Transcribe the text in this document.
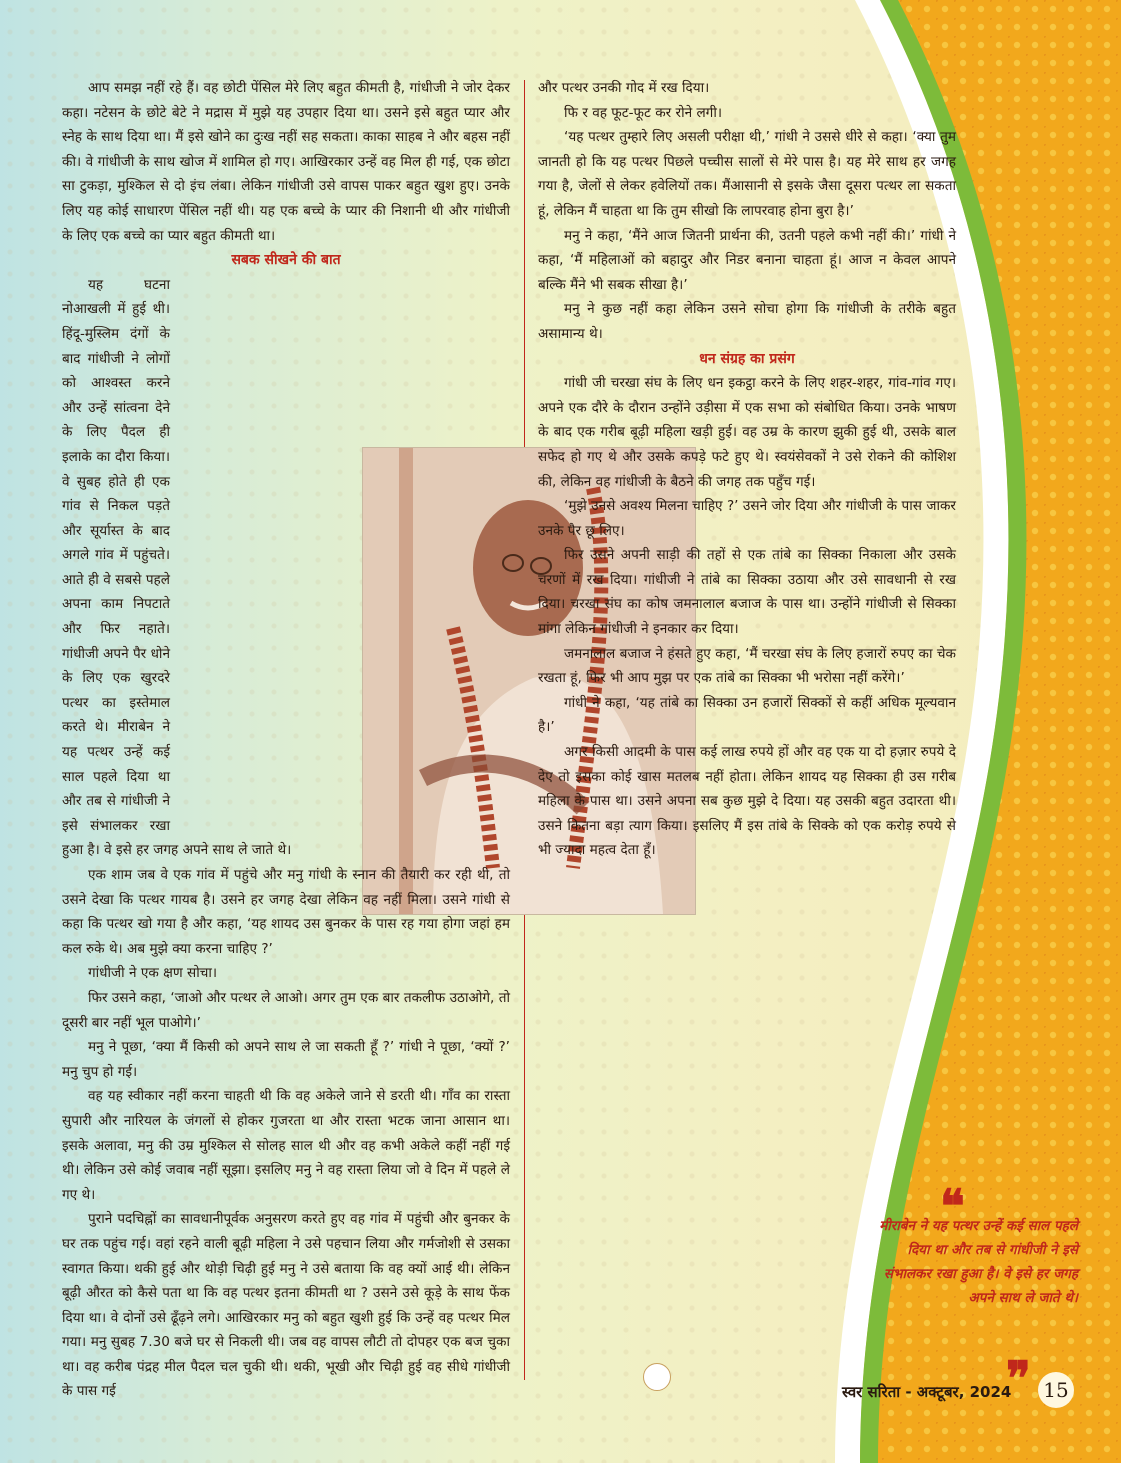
आप समझ नहीं रहे हैं। वह छोटी पेंसिल मेरे लिए बहुत कीमती है, गांधीजी ने जोर देकर कहा। नटेसन के छोटे बेटे ने मद्रास में मुझे यह उपहार दिया था। उसने इसे बहुत प्यार और स्नेह के साथ दिया था। मैं इसे खोने का दुःख नहीं सह सकता। काका साहब ने और बहस नहीं की। वे गांधीजी के साथ खोज में शामिल हो गए। आखिरकार उन्हें वह मिल ही गई, एक छोटा सा टुकड़ा, मुश्किल से दो इंच लंबा। लेकिन गांधीजी उसे वापस पाकर बहुत खुश हुए। उनके लिए यह कोई साधारण पेंसिल नहीं थी। यह एक बच्चे के प्यार की निशानी थी और गांधीजी के लिए एक बच्चे का प्यार बहुत कीमती था।

सबक सीखने की बात

यह घटना नोआखली में हुई थी। हिंदू-मुस्लिम दंगों के बाद गांधीजी ने लोगों को आश्वस्त करने और उन्हें सांत्वना देने के लिए पैदल ही इलाके का दौरा किया। वे सुबह होते ही एक गांव से निकल पड़ते और सूर्यास्त के बाद अगले गांव में पहुंचते। आते ही वे सबसे पहले अपना काम निपटाते और फिर नहाते। गांधीजी अपने पैर धोने के लिए एक खुरदरे पत्थर का इस्तेमाल करते थे। मीराबेन ने यह पत्थर उन्हें कई साल पहले दिया था और तब से गांधीजी ने इसे संभालकर रखा हुआ है। वे इसे हर जगह अपने साथ ले जाते थे।

एक शाम जब वे एक गांव में पहुंचे और मनु गांधी के स्नान की तैयारी कर रही थी, तो उसने देखा कि पत्थर गायब है। उसने हर जगह देखा लेकिन वह नहीं मिला। उसने गांधी से कहा कि पत्थर खो गया है और कहा, ‘यह शायद उस बुनकर के पास रह गया होगा जहां हम कल रुके थे। अब मुझे क्या करना चाहिए ?’

गांधीजी ने एक क्षण सोचा।

फिर उसने कहा, ‘जाओ और पत्थर ले आओ। अगर तुम एक बार तकलीफ उठाओगे, तो दूसरी बार नहीं भूल पाओगे।’

मनु ने पूछा, ‘क्या मैं किसी को अपने साथ ले जा सकती हूँ ?’ गांधी ने पूछा, ‘क्यों ?’ मनु चुप हो गई।

वह यह स्वीकार नहीं करना चाहती थी कि वह अकेले जाने से डरती थी। गाँव का रास्ता सुपारी और नारियल के जंगलों से होकर गुजरता था और रास्ता भटक जाना आसान था। इसके अलावा, मनु की उम्र मुश्किल से सोलह साल थी और वह कभी अकेले कहीं नहीं गई थी। लेकिन उसे कोई जवाब नहीं सूझा। इसलिए मनु ने वह रास्ता लिया जो वे दिन में पहले ले गए थे।

पुराने पदचिह्नों का सावधानीपूर्वक अनुसरण करते हुए वह गांव में पहुंची और बुनकर के घर तक पहुंच गई। वहां रहने वाली बूढ़ी महिला ने उसे पहचान लिया और गर्मजोशी से उसका स्वागत किया। थकी हुई और थोड़ी चिढ़ी हुई मनु ने उसे बताया कि वह क्यों आई थी। लेकिन बूढ़ी औरत को कैसे पता था कि वह पत्थर इतना कीमती था ? उसने उसे कूड़े के साथ फेंक दिया था। वे दोनों उसे ढूँढ़ने लगे। आखिरकार मनु को बहुत खुशी हुई कि उन्हें वह पत्थर मिल गया। मनु सुबह 7.30 बजे घर से निकली थी। जब वह वापस लौटी तो दोपहर एक बज चुका था। वह करीब पंद्रह मील पैदल चल चुकी थी। थकी, भूखी और चिढ़ी हुई वह सीधे गांधीजी के पास गई

और पत्थर उनकी गोद में रख दिया।

फि र वह फूट-फूट कर रोने लगी।

‘यह पत्थर तुम्हारे लिए असली परीक्षा थी,’ गांधी ने उससे धीरे से कहा। ‘क्या तुम जानती हो कि यह पत्थर पिछले पच्चीस सालों से मेरे पास है। यह मेरे साथ हर जगह गया है, जेलों से लेकर हवेलियों तक। मैंआसानी से इसके जैसा दूसरा पत्थर ला सकता हूं, लेकिन मैं चाहता था कि तुम सीखो कि लापरवाह होना बुरा है।’

मनु ने कहा, ‘मैंने आज जितनी प्रार्थना की, उतनी पहले कभी नहीं की।’ गांधी ने कहा, ‘मैं महिलाओं को बहादुर और निडर बनाना चाहता हूं। आज न केवल आपने बल्कि मैंने भी सबक सीखा है।’

मनु ने कुछ नहीं कहा लेकिन उसने सोचा होगा कि गांधीजी के तरीके बहुत असामान्य थे।

धन संग्रह का प्रसंग

गांधी जी चरखा संघ के लिए धन इकट्ठा करने के लिए शहर-शहर, गांव-गांव गए। अपने एक दौरे के दौरान उन्होंने उड़ीसा में एक सभा को संबोधित किया। उनके भाषण के बाद एक गरीब बूढ़ी महिला खड़ी हुई। वह उम्र के कारण झुकी हुई थी, उसके बाल सफेद हो गए थे और उसके कपड़े फटे हुए थे। स्वयंसेवकों ने उसे रोकने की कोशिश की, लेकिन वह गांधीजी के बैठने की जगह तक पहुँच गई।

‘मुझे उनसे अवश्य मिलना चाहिए ?’ उसने जोर दिया और गांधीजी के पास जाकर उनके पैर छू लिए।

फिर उसने अपनी साड़ी की तहों से एक तांबे का सिक्का निकाला और उसके चरणों में रख दिया। गांधीजी ने तांबे का सिक्का उठाया और उसे सावधानी से रख दिया। चरखा संघ का कोष जमनालाल बजाज के पास था। उन्होंने गांधीजी से सिक्का मांगा लेकिन गांधीजी ने इनकार कर दिया।

जमनालाल बजाज ने हंसते हुए कहा, ‘मैं चरखा संघ के लिए हजारों रुपए का चेक रखता हूं, फिर भी आप मुझ पर एक तांबे का सिक्का भी भरोसा नहीं करेंगे।’

गांधी ने कहा, ‘यह तांबे का सिक्का उन हजारों सिक्कों से कहीं अधिक मूल्यवान है।’

अगर किसी आदमी के पास कई लाख रुपये हों और वह एक या दो हज़ार रुपये दे देए तो इसका कोई खास मतलब नहीं होता। लेकिन शायद यह सिक्का ही उस गरीब महिला के पास था। उसने अपना सब कुछ मुझे दे दिया। यह उसकी बहुत उदारता थी। उसने कितना बड़ा त्याग किया। इसलिए मैं इस तांबे के सिक्के को एक करोड़ रुपये से भी ज्यादा महत्व देता हूँ।

❝
मीराबेन ने यह पत्थर उन्हें कई साल पहले दिया था और तब से गांधीजी ने इसे संभालकर रखा हुआ है। वे इसे हर जगह अपने साथ ले जाते थे।
❞
स्वर सरिता - अक्टूबर, 2024 15
